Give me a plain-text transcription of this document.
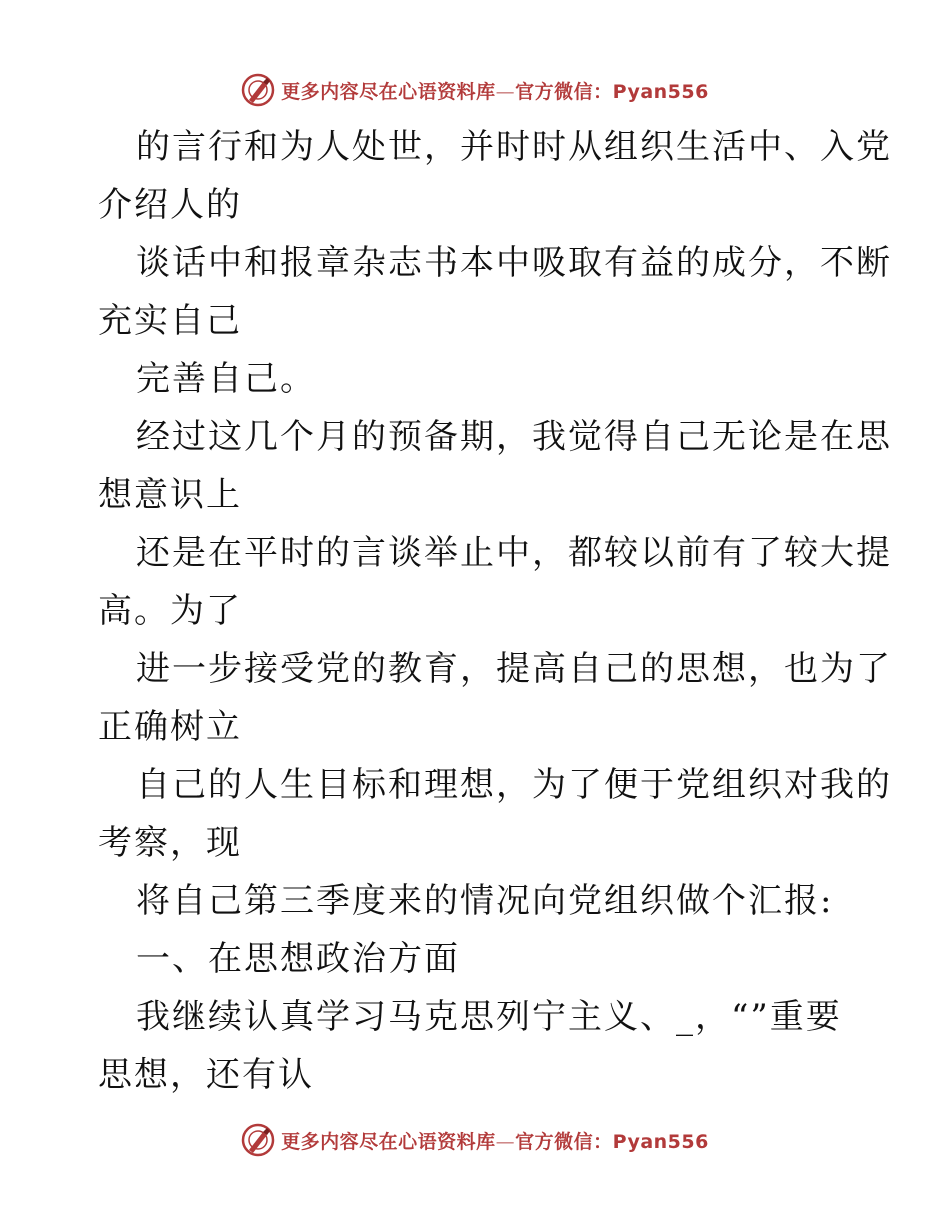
更多内容尽在心语资料库—官方微信：Pyan556
的言行和为人处世，并时时从组织生活中、入党
介绍人的
谈话中和报章杂志书本中吸取有益的成分，不断
充实自己
完善自己。
经过这几个月的预备期，我觉得自己无论是在思
想意识上
还是在平时的言谈举止中，都较以前有了较大提
高。为了
进一步接受党的教育，提高自己的思想，也为了
正确树立
自己的人生目标和理想，为了便于党组织对我的
考察，现
将自己第三季度来的情况向党组织做个汇报:
一、在思想政治方面
我继续认真学习马克思列宁主义、_，“”重要
思想，还有认
更多内容尽在心语资料库—官方微信：Pyan556
